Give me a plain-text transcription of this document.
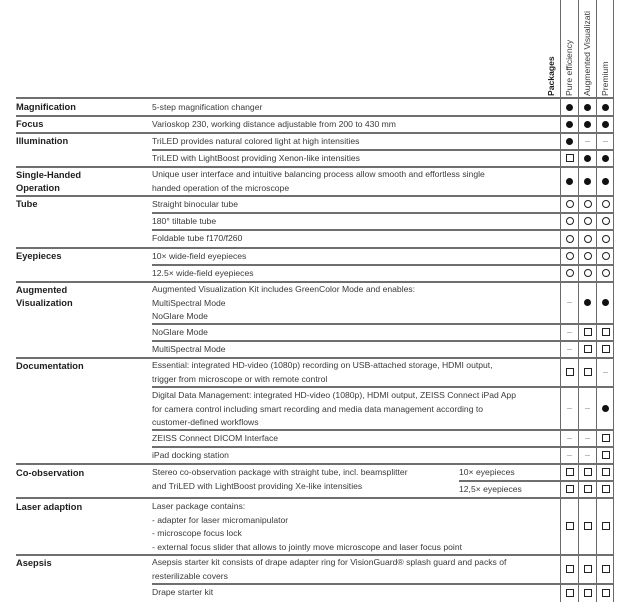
Packages Pure efficiency Augmented Visualizati Premium
Magnification
Focus
Illumination
Single-Handed
Operation
Tube
Eyepieces
Augmented
Visualization
Documentation
Co-observation
Laser adaption
Asepsis
5-step magnification changer
Varioskop 230, working distance adjustable from 200 to 430 mm
TriLED provides natural colored light at high intensities
TriLED with LightBoost providing Xenon-like intensities
Unique user interface and intuitive balancing process allow smooth and effortless single
handed operation of the microscope
Straight binocular tube
180° tiltable tube
Foldable tube f170/f260
10× wide-field eyepieces
12.5× wide-field eyepieces
Augmented Visualization Kit includes GreenColor Mode and enables:
MultiSpectral Mode
NoGlare Mode
NoGlare Mode
MultiSpectral Mode
Essential: integrated HD-video (1080p) recording on USB-attached storage, HDMI output,
trigger from microscope or with remote control
Digital Data Management: integrated HD-video (1080p), HDMI output, ZEISS Connect iPad App
for camera control including smart recording and media data management according to
customer-defined workflows
ZEISS Connect DICOM Interface
iPad docking station
Stereo co-observation package with straight tube, incl. beamsplitter
and TriLED with LightBoost providing Xe-like intensities
10× eyepieces
12,5× eyepieces
Laser package contains:
- adapter for laser micromanipulator
- microscope focus lock
- external focus slider that allows to jointly move microscope and laser focus point
Asepsis starter kit consists of drape adapter ring for VisionGuard® splash guard and packs of
resterilizable covers
Drape starter kit
